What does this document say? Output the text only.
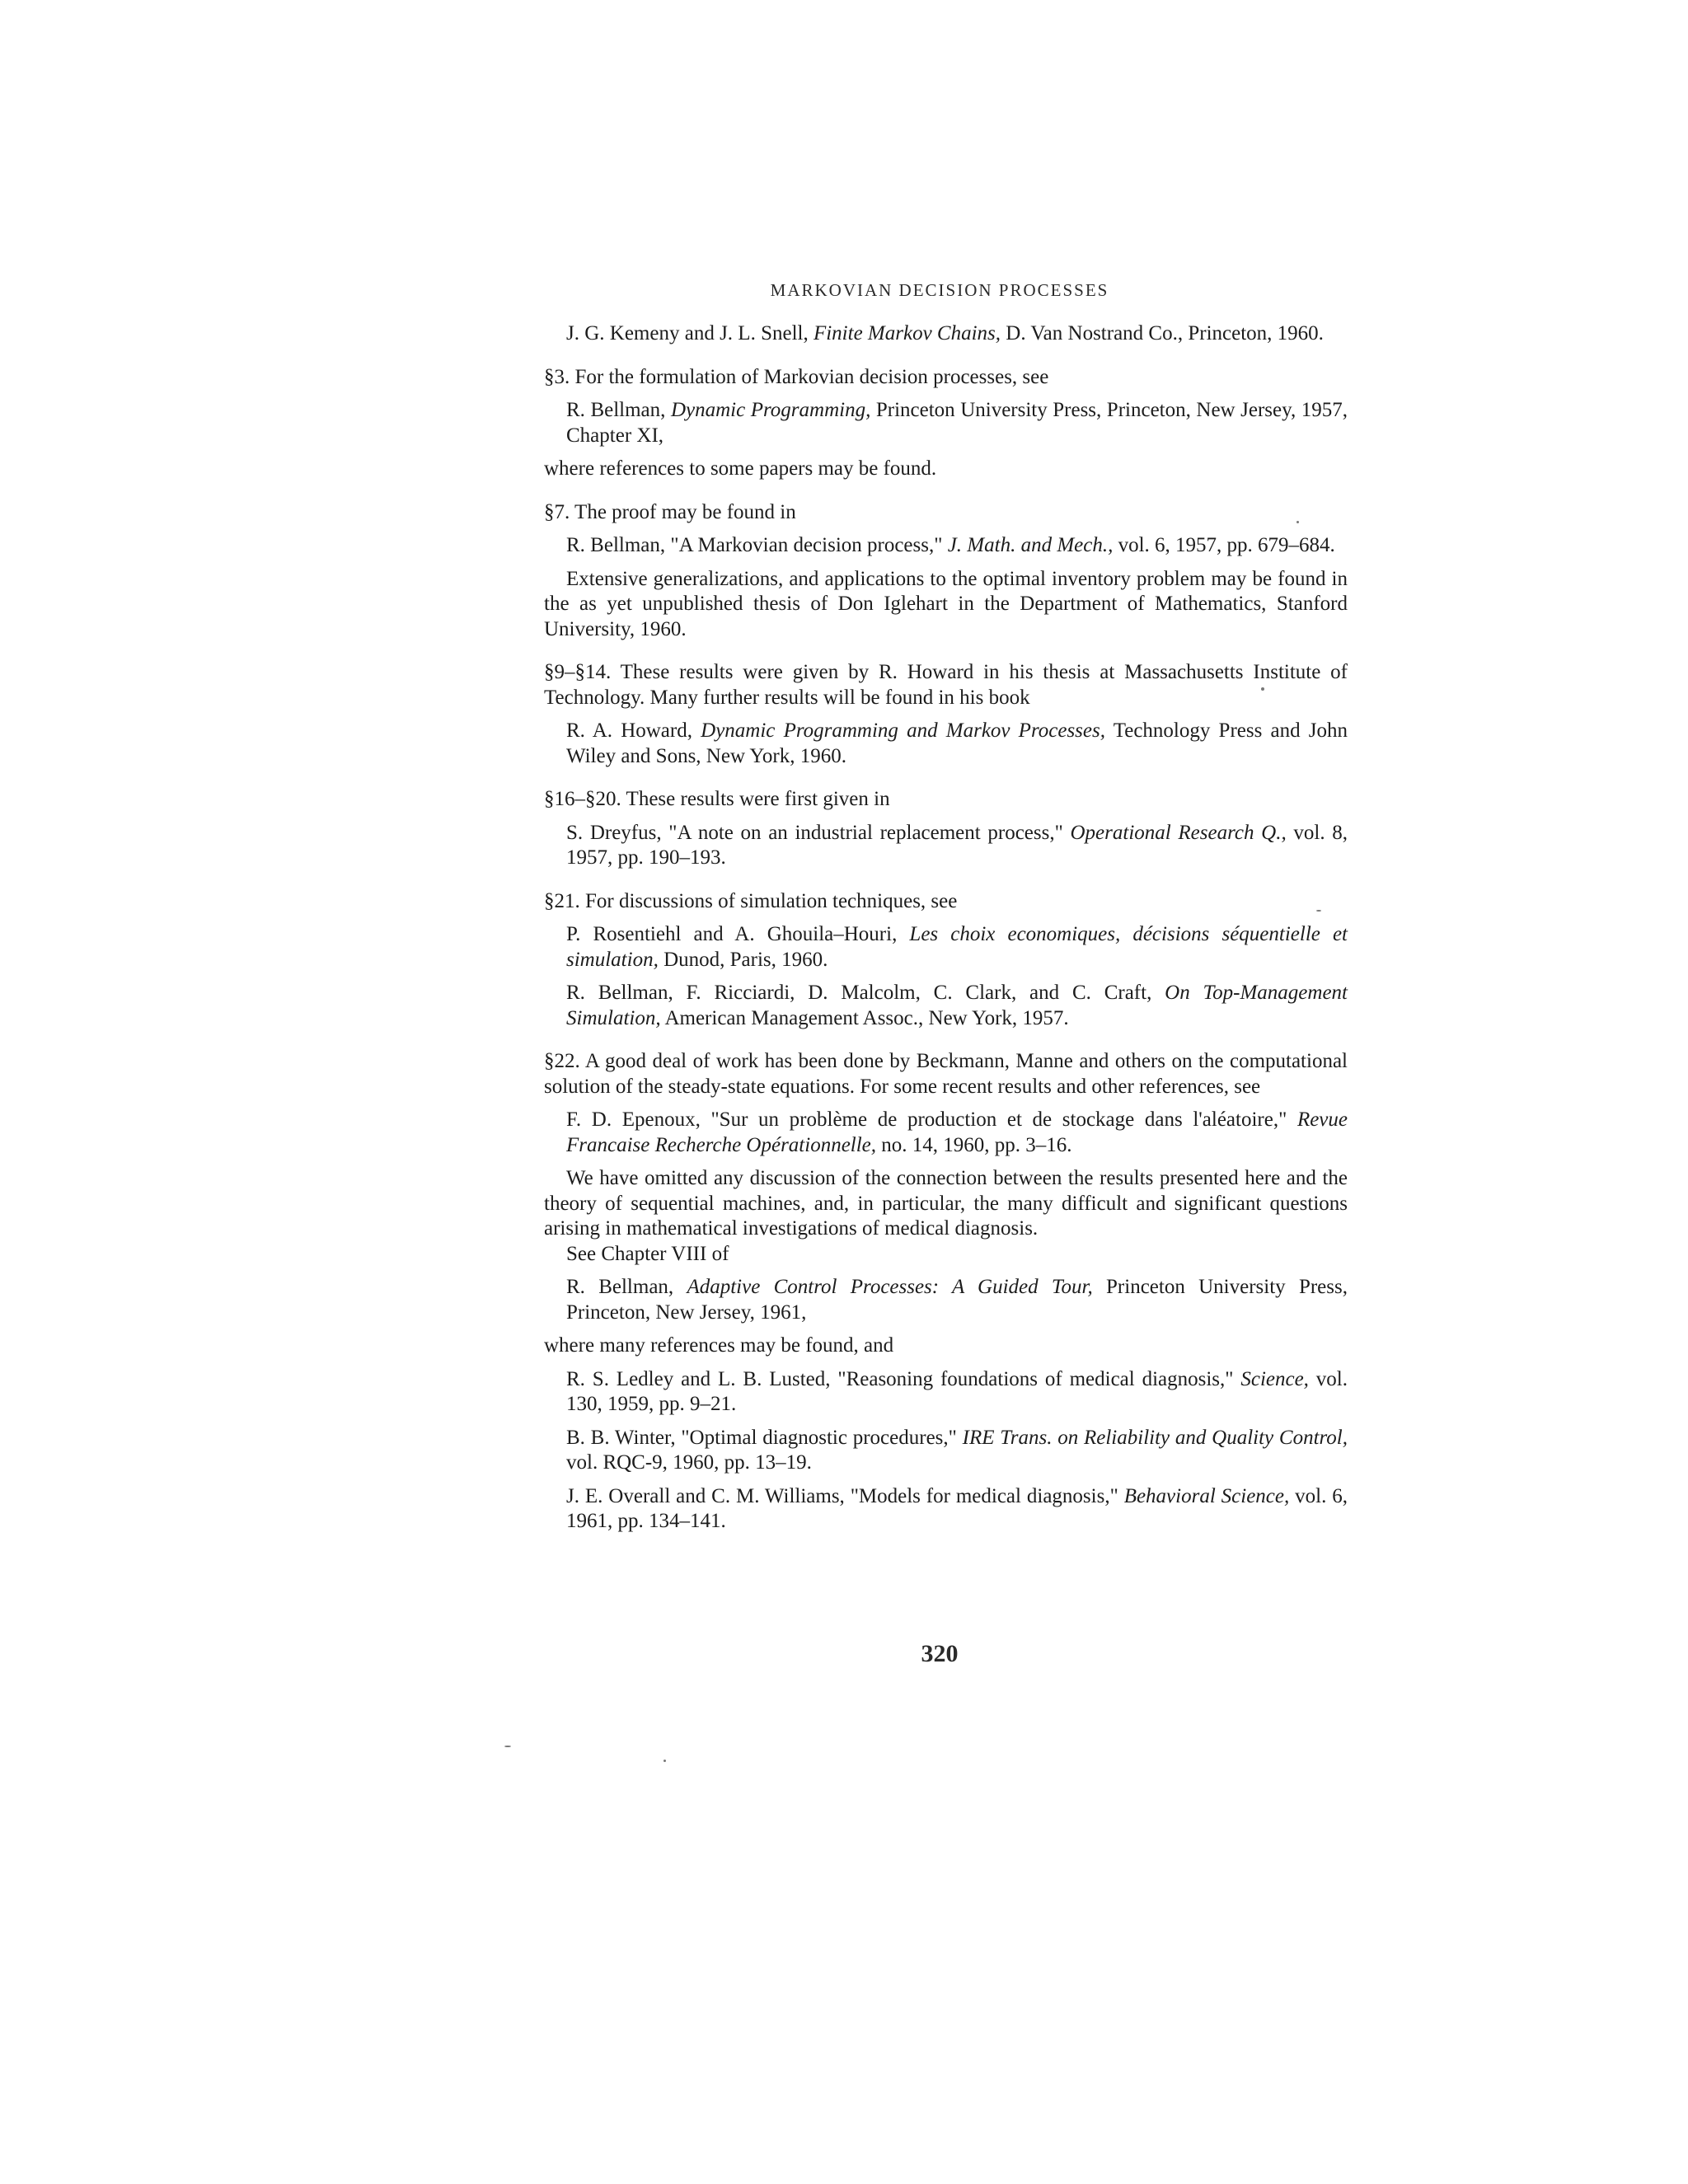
MARKOVIAN DECISION PROCESSES

J. G. Kemeny and J. L. Snell, Finite Markov Chains, D. Van Nostrand Co., Princeton, 1960.

§3. For the formulation of Markovian decision processes, see

R. Bellman, Dynamic Programming, Princeton University Press, Princeton, New Jersey, 1957, Chapter XI,

where references to some papers may be found.

§7. The proof may be found in

R. Bellman, "A Markovian decision process," J. Math. and Mech., vol. 6, 1957, pp. 679–684.

Extensive generalizations, and applications to the optimal inventory problem may be found in the as yet unpublished thesis of Don Iglehart in the Department of Mathematics, Stanford University, 1960.

§9–§14. These results were given by R. Howard in his thesis at Massachusetts Institute of Technology. Many further results will be found in his book

R. A. Howard, Dynamic Programming and Markov Processes, Technology Press and John Wiley and Sons, New York, 1960.

§16–§20. These results were first given in

S. Dreyfus, "A note on an industrial replacement process," Operational Research Q., vol. 8, 1957, pp. 190–193.

§21. For discussions of simulation techniques, see

P. Rosentiehl and A. Ghouila–Houri, Les choix economiques, décisions séquentielle et simulation, Dunod, Paris, 1960.

R. Bellman, F. Ricciardi, D. Malcolm, C. Clark, and C. Craft, On Top-Management Simulation, American Management Assoc., New York, 1957.

§22. A good deal of work has been done by Beckmann, Manne and others on the computational solution of the steady-state equations. For some recent results and other references, see

F. D. Epenoux, "Sur un problème de production et de stockage dans l'aléatoire," Revue Francaise Recherche Opérationnelle, no. 14, 1960, pp. 3–16.

We have omitted any discussion of the connection between the results presented here and the theory of sequential machines, and, in particular, the many difficult and significant questions arising in mathematical investigations of medical diagnosis.

See Chapter VIII of

R. Bellman, Adaptive Control Processes: A Guided Tour, Princeton University Press, Princeton, New Jersey, 1961,

where many references may be found, and

R. S. Ledley and L. B. Lusted, "Reasoning foundations of medical diagnosis," Science, vol. 130, 1959, pp. 9–21.

B. B. Winter, "Optimal diagnostic procedures," IRE Trans. on Reliability and Quality Control, vol. RQC-9, 1960, pp. 13–19.

J. E. Overall and C. M. Williams, "Models for medical diagnosis," Behavioral Science, vol. 6, 1961, pp. 134–141.

320
